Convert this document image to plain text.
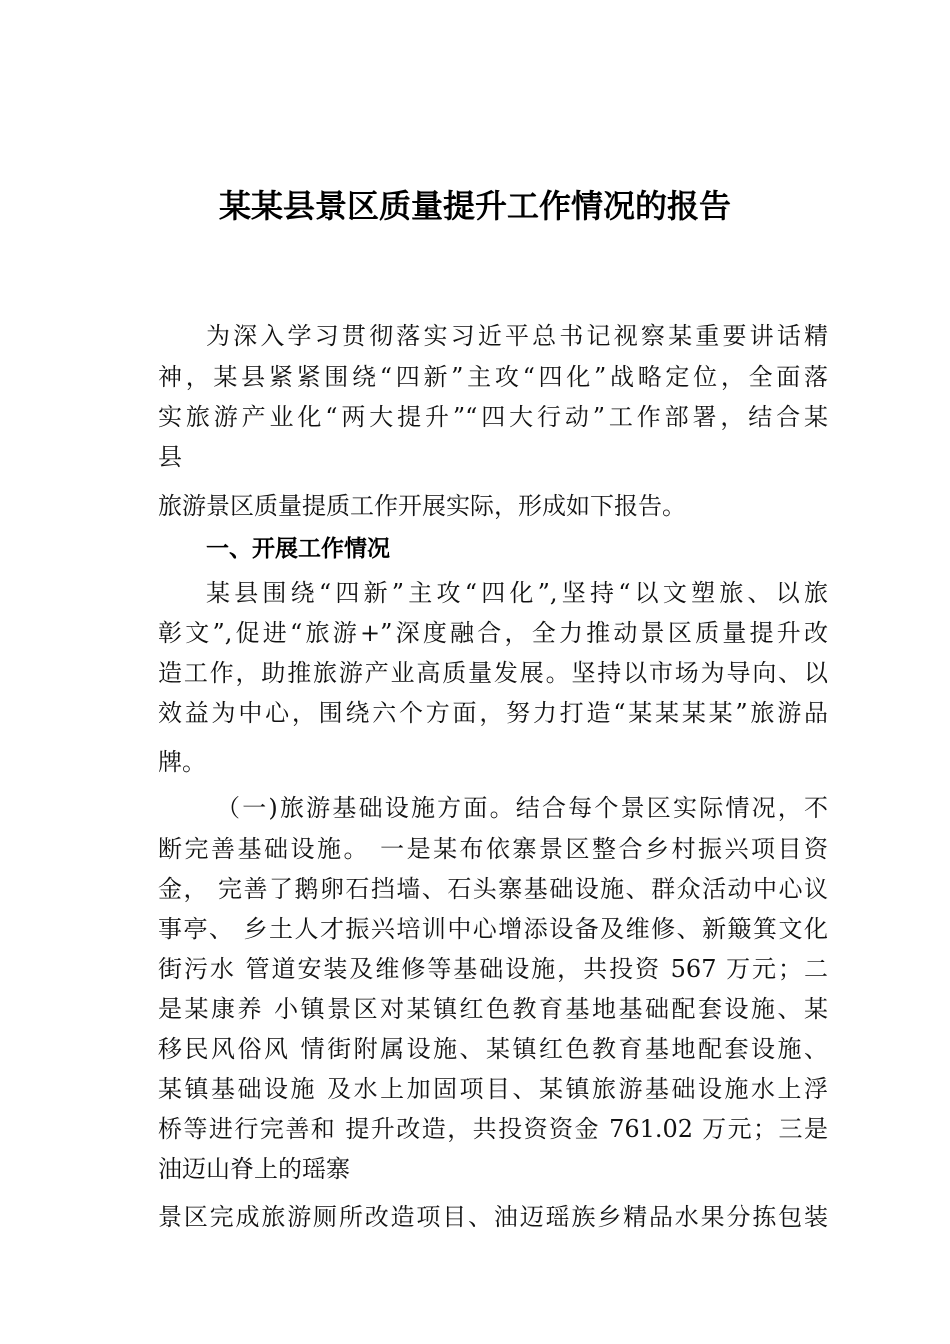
某某县景区质量提升工作情况的报告
为深入学习贯彻落实习近平总书记视察某重要讲话精
神，某县紧紧围绕“四新”主攻“四化”战略定位，全面落
实旅游产业化“两大提升”“四大行动”工作部署，结合某
县
旅游景区质量提质工作开展实际，形成如下报告。
一、开展工作情况
某县围绕“四新”主攻“四化”,坚持“以文塑旅、以旅
彰文”,促进“旅游+”深度融合，全力推动景区质量提升改
造工作，助推旅游产业高质量发展。坚持以市场为导向、以
效益为中心，围绕六个方面，努力打造“某某某某”旅游品
牌。
（一)旅游基础设施方面。结合每个景区实际情况，不
断完善基础设施。 一是某布依寨景区整合乡村振兴项目资
金， 完善了鹅卵石挡墙、石头寨基础设施、群众活动中心议
事亭、 乡土人才振兴培训中心增添设备及维修、新簸箕文化
街污水 管道安装及维修等基础设施，共投资 567 万元；二
是某康养 小镇景区对某镇红色教育基地基础配套设施、某
移民风俗风 情街附属设施、某镇红色教育基地配套设施、
某镇基础设施 及水上加固项目、某镇旅游基础设施水上浮
桥等进行完善和 提升改造，共投资资金 761.02 万元；三是
油迈山脊上的瑶寨
景区完成旅游厕所改造项目、油迈瑶族乡精品水果分拣包装
